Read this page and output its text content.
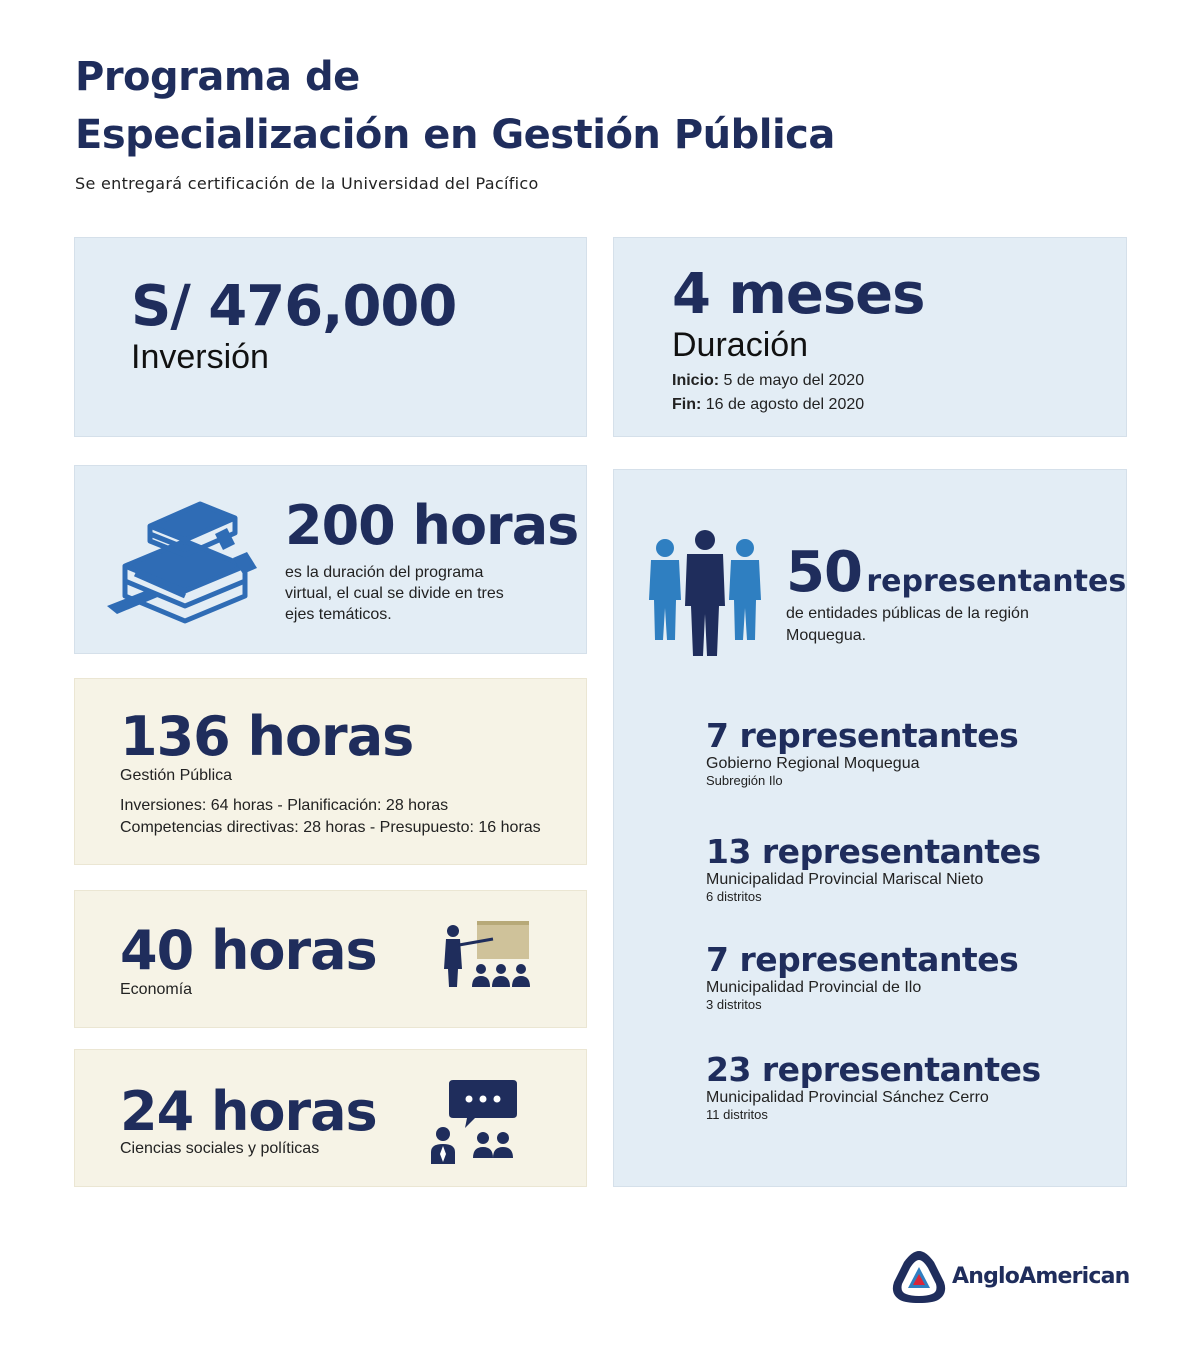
Programa de
Especialización en Gestión Pública
Se entregará certificación de la Universidad del Pacífico
S/ 476,000
Inversión
4 meses
Duración
Inicio: 5 de mayo del 2020
Fin: 16 de agosto del 2020
200 horas
es la duración del programa
virtual, el cual se divide en tres
ejes temáticos.
136 horas
Gestión Pública
Inversiones: 64 horas - Planificación: 28 horas
Competencias directivas: 28 horas - Presupuesto: 16 horas
40 horas
Economía
24 horas
Ciencias sociales y políticas
50 representantes
de entidades públicas de la región
Moquegua.
7 representantes
Gobierno Regional Moquegua
Subregión Ilo
13 representantes
Municipalidad Provincial Mariscal Nieto
6 distritos
7 representantes
Municipalidad Provincial de Ilo
3 distritos
23 representantes
Municipalidad Provincial Sánchez Cerro
11 distritos
AngloAmerican
